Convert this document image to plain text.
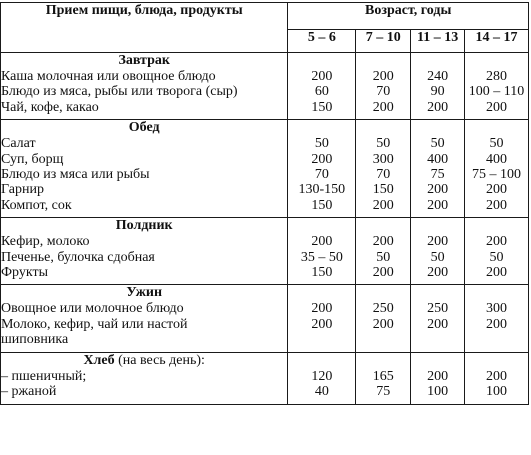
Прием пищи, блюда, продукты	Возраст, годы			
	5 – 6	7 – 10	11 – 13	14 – 17
Завтрак				
Каша молочная или овощное блюдо	200	200	240	280
Блюдо из мяса, рыбы или творога (сыр)	60	70	90	100 – 110
Чай, кофе, какао	150	200	200	200

Обед				
Салат	50	50	50	50
Суп, борщ	200	300	400	400
Блюдо из мяса или рыбы	70	70	75	75 – 100
Гарнир	130-150	150	200	200
Компот, сок	150	200	200	200

Полдник				
Кефир, молоко	200	200	200	200
Печенье, булочка сдобная	35 – 50	50	50	50
Фрукты	150	200	200	200

Ужин				
Овощное или молочное блюдо	200	250	250	300
Молоко, кефир, чай или настой	200	200	200	200
шиповника				

Хлеб (на весь день):				
– пшеничный;	120	165	200	200
– ржаной	40	75	100	100
